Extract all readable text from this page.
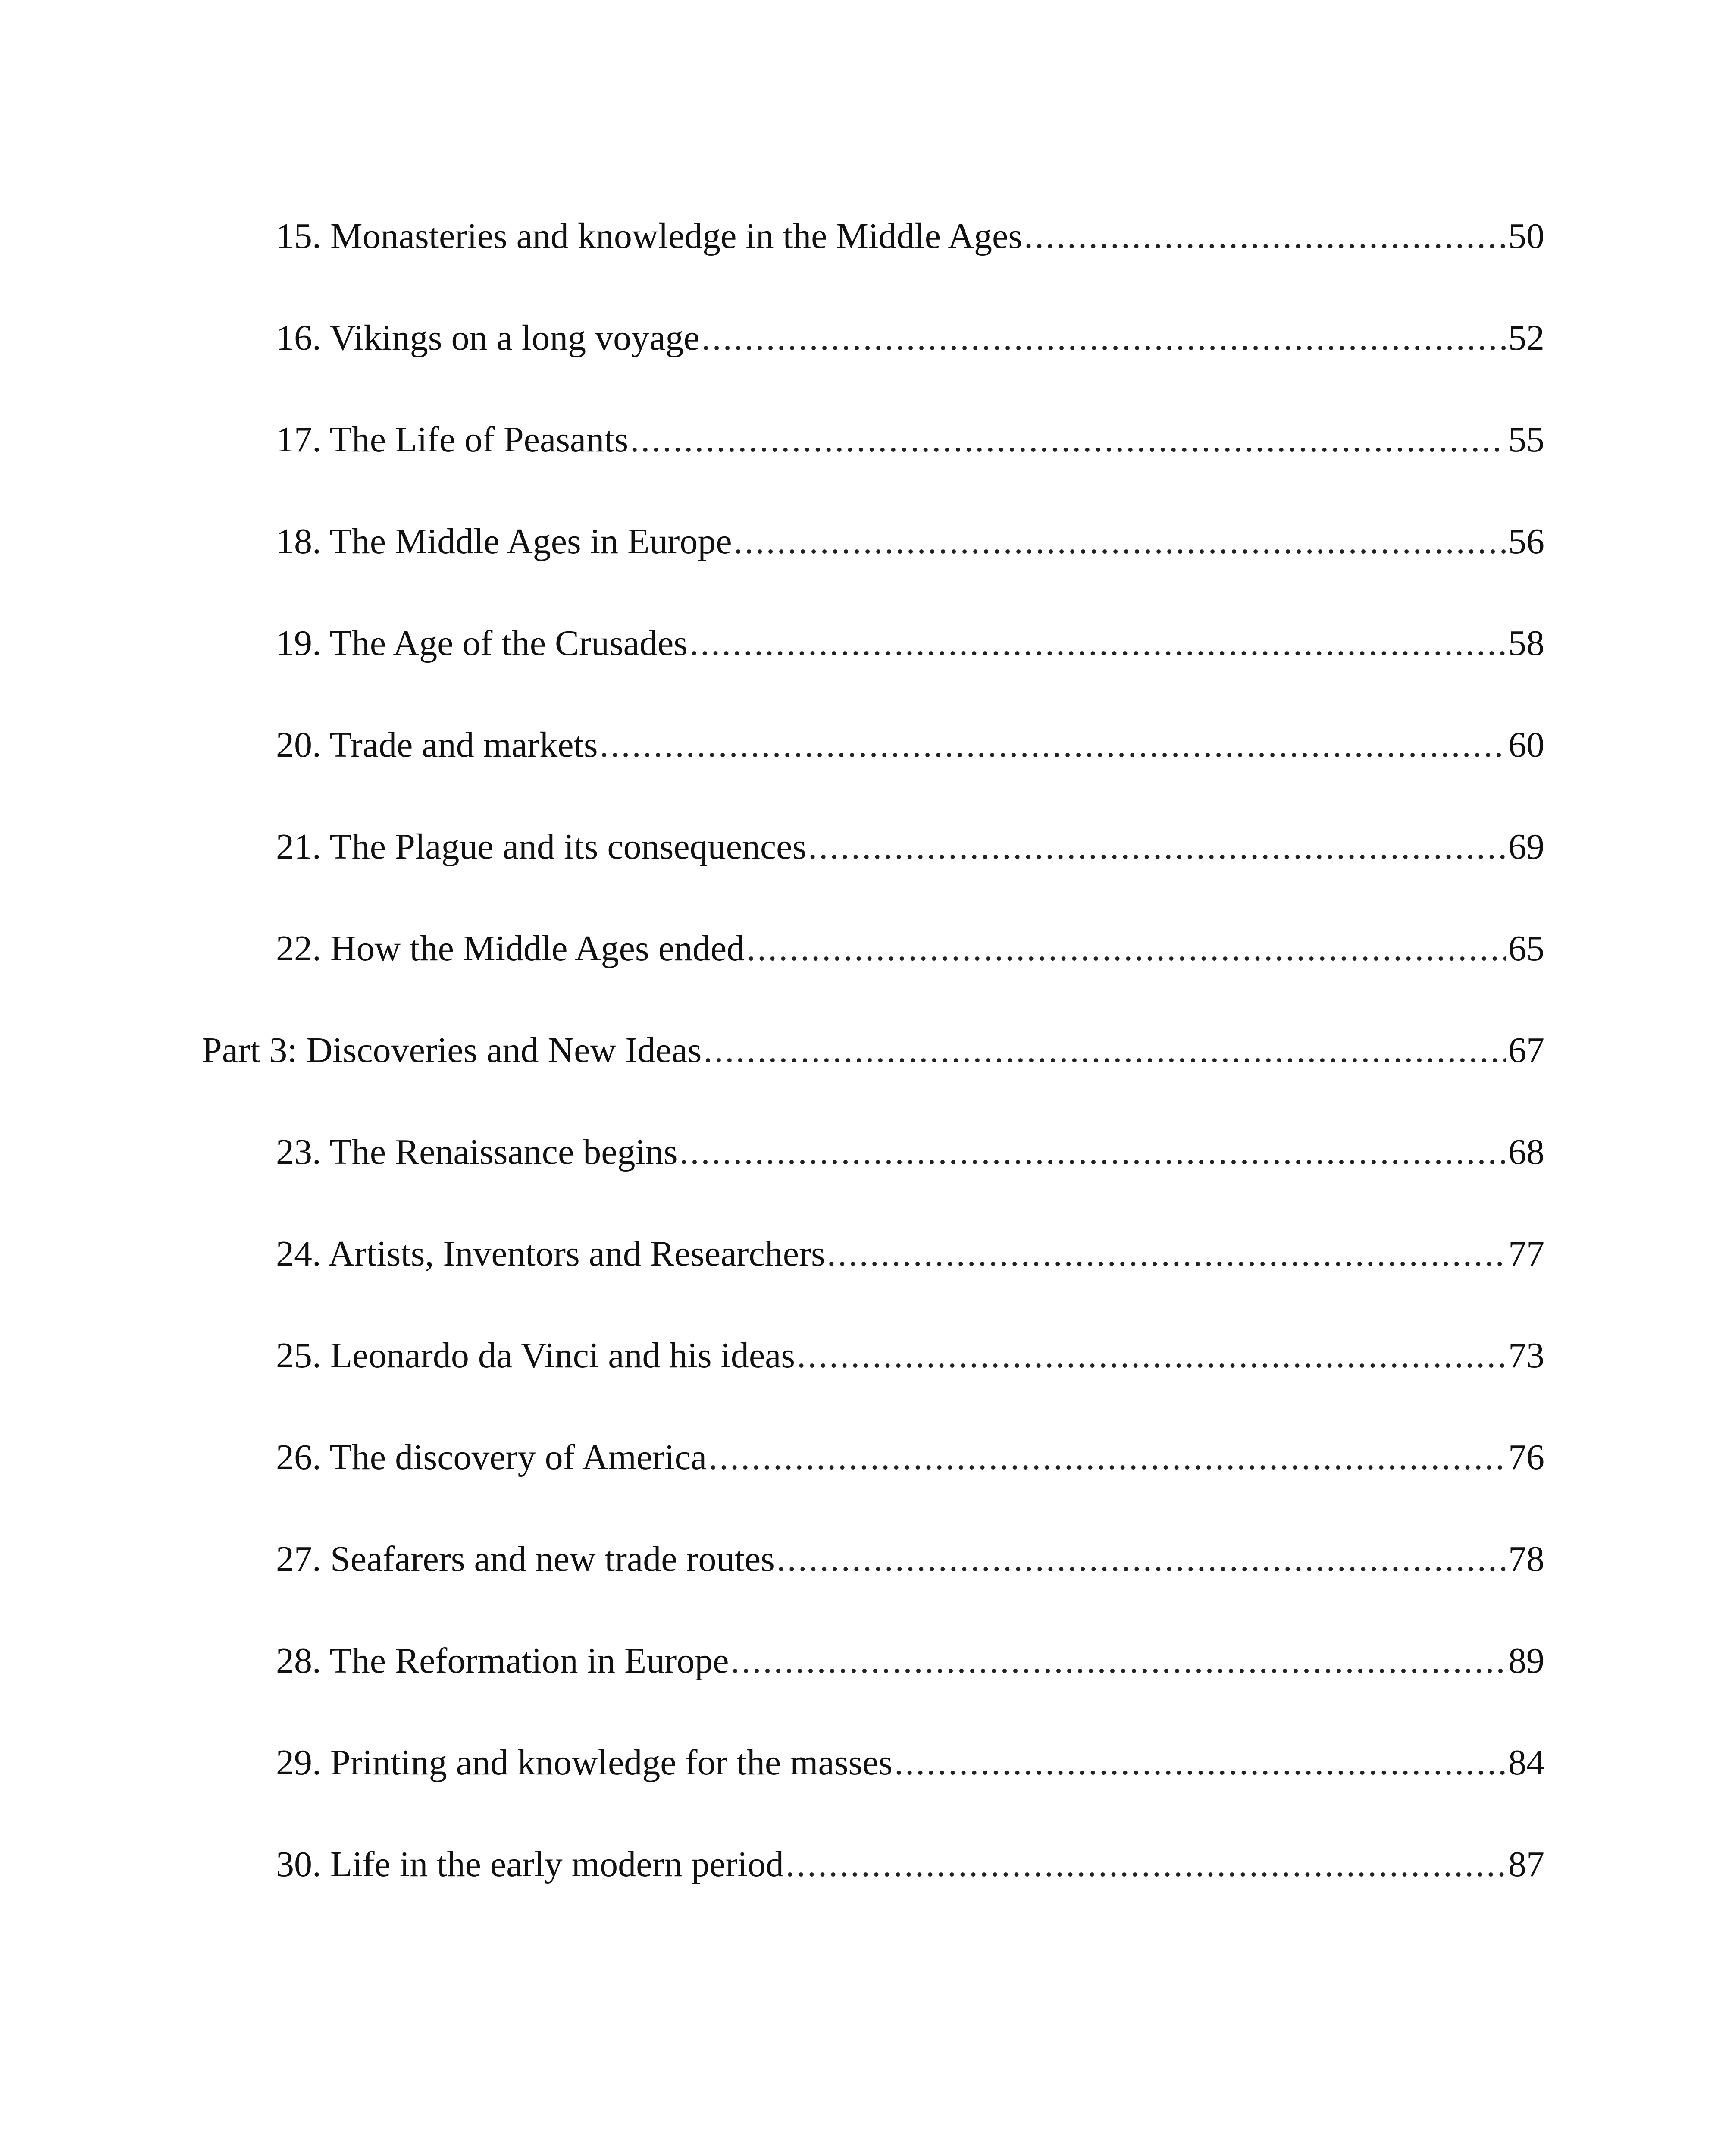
15. Monasteries and knowledge in the Middle Ages .....	50
16. Vikings on a long voyage .....	52
17. The Life of Peasants .....	55
18. The Middle Ages in Europe .....	56
19. The Age of the Crusades .....	58
20. Trade and markets .....	60
21. The Plague and its consequences .....	69
22. How the Middle Ages ended .....	65
Part 3: Discoveries and New Ideas .....	67
23. The Renaissance begins .....	68
24. Artists, Inventors and Researchers .....	77
25. Leonardo da Vinci and his ideas .....	73
26. The discovery of America .....	76
27. Seafarers and new trade routes .....	78
28. The Reformation in Europe .....	89
29. Printing and knowledge for the masses .....	84
30. Life in the early modern period .....	87
